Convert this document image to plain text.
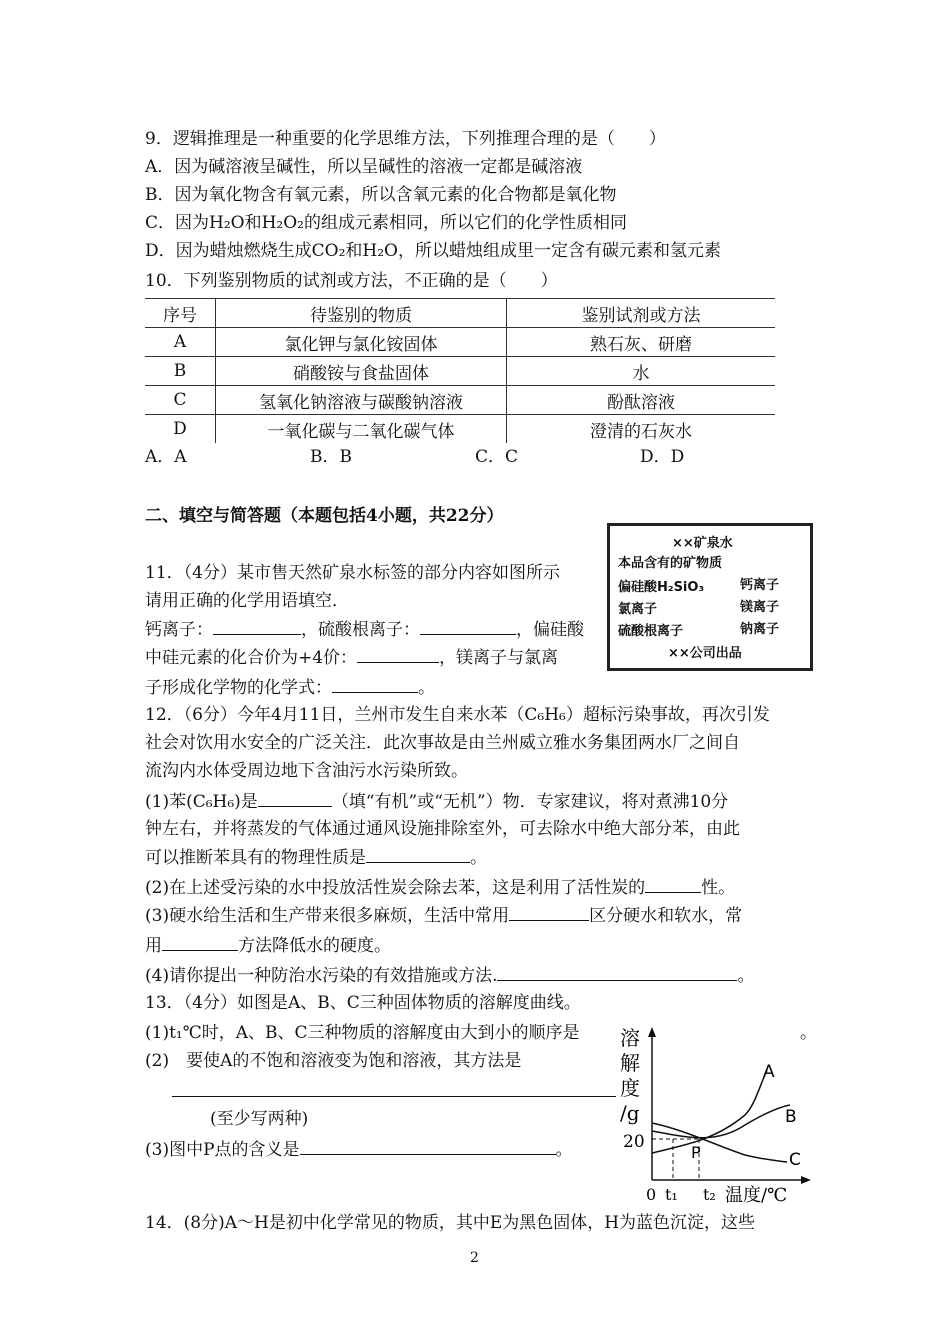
9．逻辑推理是一种重要的化学思维方法，下列推理合理的是（　　）
A．因为碱溶液呈碱性，所以呈碱性的溶液一定都是碱溶液
B．因为氧化物含有氧元素，所以含氧元素的化合物都是氧化物
C．因为H₂O和H₂O₂的组成元素相同，所以它们的化学性质相同
D．因为蜡烛燃烧生成CO₂和H₂O，所以蜡烛组成里一定含有碳元素和氢元素
10．下列鉴别物质的试剂或方法，不正确的是（　　）
序号	待鉴别的物质	鉴别试剂或方法
A	氯化钾与氯化铵固体	熟石灰、研磨
B	硝酸铵与食盐固体	水
C	氢氧化钠溶液与碳酸钠溶液	酚酞溶液
D	一氧化碳与二氧化碳气体	澄清的石灰水
A．A	B．B	C．C	D．D
二、填空与简答题（本题包括4小题，共22分）
××矿泉水
本品含有的矿物质
偏硅酸H₂SiO₃	钙离子
氯离子	镁离子
硫酸根离子	钠离子
××公司出品
11．（4分）某市售天然矿泉水标签的部分内容如图所示
请用正确的化学用语填空．
钙离子：	，硫酸根离子：	，偏硅酸
中硅元素的化合价为+4价：	，镁离子与氯离
子形成化学物的化学式：	。
12．（6分）今年4月11日，兰州市发生自来水苯（C₆H₆）超标污染事故，再次引发
社会对饮用水安全的广泛关注．此次事故是由兰州威立雅水务集团两水厂之间自
流沟内水体受周边地下含油污水污染所致。
(1)苯(C₆H₆)是	（填“有机”或“无机”）物．专家建议，将对煮沸10分
钟左右，并将蒸发的气体通过通风设施排除室外，可去除水中绝大部分苯，由此
可以推断苯具有的物理性质是	。
(2)在上述受污染的水中投放活性炭会除去苯，这是利用了活性炭的	性。
(3)硬水给生活和生产带来很多麻烦，生活中常用	区分硬水和软水，常
用	方法降低水的硬度。
(4)请你提出一种防治水污染的有效措施或方法.	。
13．（4分）如图是A、B、C三种固体物质的溶解度曲线。
(1)t₁℃时，A、B、C三种物质的溶解度由大到小的顺序是	。
(2)　要使A的不饱和溶液变为饱和溶液，其方法是
(至少写两种)
(3)图中P点的含义是	。
溶
解
度
/g
20
A
B
C
P
0 t₁ t₂ 温度/℃
14．(8分)A～H是初中化学常见的物质，其中E为黑色固体，H为蓝色沉淀，这些
2
